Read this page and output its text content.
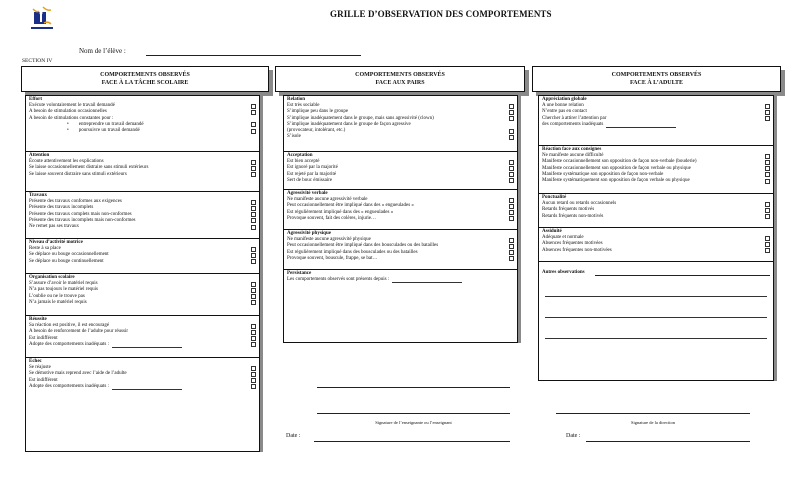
GRILLE D’OBSERVATION DES COMPORTEMENTS
Nom de l’élève :
SECTION IV
COMPORTEMENTS OBSERVÉS
FACE À LA TÂCHE SCOLAIRE
COMPORTEMENTS OBSERVÉS
FACE AUX PAIRS
COMPORTEMENTS OBSERVÉS
FACE À L’ADULTE
Effort
Exécute volontairement le travail demandé
A besoin de stimulation occasionnelles
A besoin de stimulations constantes pour :
• entreprendre un travail demandé
• poursuivre un travail demandé
Attention
Écoute attentivement les explications
Se laisse occasionnellement distraire sans stimuli extérieurs
Se laisse souvent distraire sans stimuli extérieurs
Travaux
Présente des travaux conformes aux exigences
Présente des travaux incomplets
Présente des travaux complets mais non-conformes
Présente des travaux incomplets mais non-conformes
Ne remet pas ses travaux
Niveau d’activité motrice
Reste à sa place
Se déplace ou bouge occasionnellement
Se déplace ou bouge continuellement
Organisation scolaire
S’assure d’avoir le matériel requis
N’a pas toujours le matériel requis
L’oublie ou ne le trouve pas
N’a jamais le matériel requis
Réussite
Sa réaction est positive, il est encouragé
A besoin de renforcement de l’adulte pour réussir
Est indifférent
Adopte des comportements inadéquats :
Échec
Se réajuste
Se démotive mais reprend avec l’aide de l’adulte
Est indifférent
Adopte des comportements inadéquats :
Relation
Est très sociable
S’implique peu dans le groupe
S’implique inadéquatement dans le groupe, mais sans agressivité (clown)
S’implique inadéquatement dans le groupe de façon agressive
(provocateur, intolérant, etc.)
S’isole
Acceptation
Est bien accepté
Est ignoré par la majorité
Est rejeté par la majorité
Sert de bouc émissaire
Agressivité verbale
Ne manifeste aucune agressivité verbale
Peut occasionnellement être impliqué dans des « engueulades »
Est régulièrement impliqué dans des « engueulades »
Provoque souvent, fait des colères, injurie…
Agressivité physique
Ne manifeste aucune agressivité physique
Peut occasionnellement être impliqué dans des bousculades ou des batailles
Est régulièrement impliqué dans des bousculades ou des batailles
Provoque souvent, bouscule, frappe, se bat…
Persistance
Les comportements observés sont présents depuis :
Appréciation globale
A une bonne relation
N’entre pas en contact
Chercher à attirer l’attention par
des comportements inadéquats
Réaction face aux consignes
Ne manifeste aucune difficulté
Manifeste occasionnellement son opposition de façon non-verbale (bouderie)
Manifeste occasionnellement son opposition de façon verbale ou physique
Manifeste systématique son opposition de façon non-verbale
Manifeste systématiquement son opposition de façon verbale ou physique
Ponctualité
Aucun retard ou retards occasionnels
Retards fréquents motivés
Retards fréquents non-motivés
Assiduité
Adéquate et normale
Absences fréquentes motivées
Absences fréquentes non-motivées
Autres observations
Signature de l’enseignante ou l’enseignant
Date :
Signature de la direction
Date :
